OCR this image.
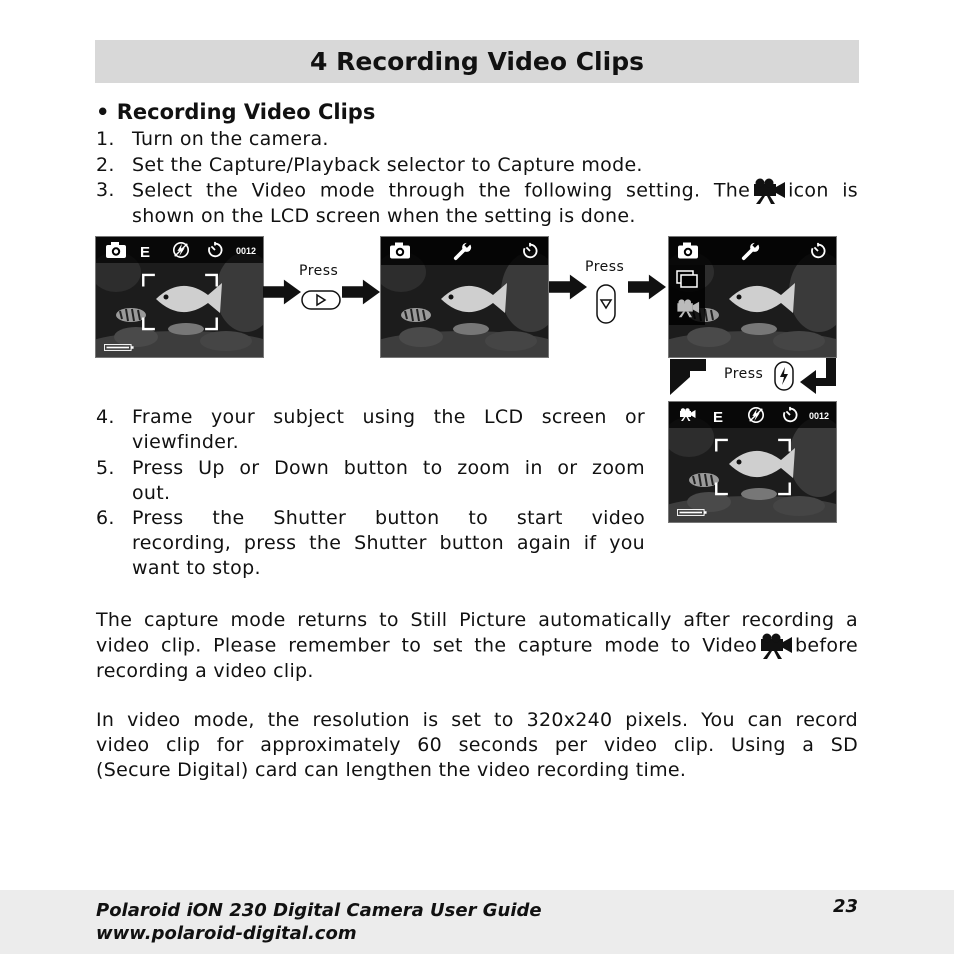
4 Recording Video Clips
• Recording Video Clips
1. Turn on the camera.
2. Set the Capture/Playback selector to Capture mode.
3. Select the Video mode through the following setting. The icon is
shown on the LCD screen when the setting is done.
E	0012
Press	Press
Press
E	0012
4. Frame your subject using the LCD screen or
viewfinder.
5. Press Up or Down button to zoom in or zoom
out.
6. Press the Shutter button to start video
recording, press the Shutter button again if you
want to stop.
The capture mode returns to Still Picture automatically after recording a
video clip. Please remember to set the capture mode to Video before
recording a video clip.
In video mode, the resolution is set to 320x240 pixels. You can record
video clip for approximately 60 seconds per video clip. Using a SD
(Secure Digital) card can lengthen the video recording time.
Polaroid iON 230 Digital Camera User Guide
www.polaroid-digital.com
23
